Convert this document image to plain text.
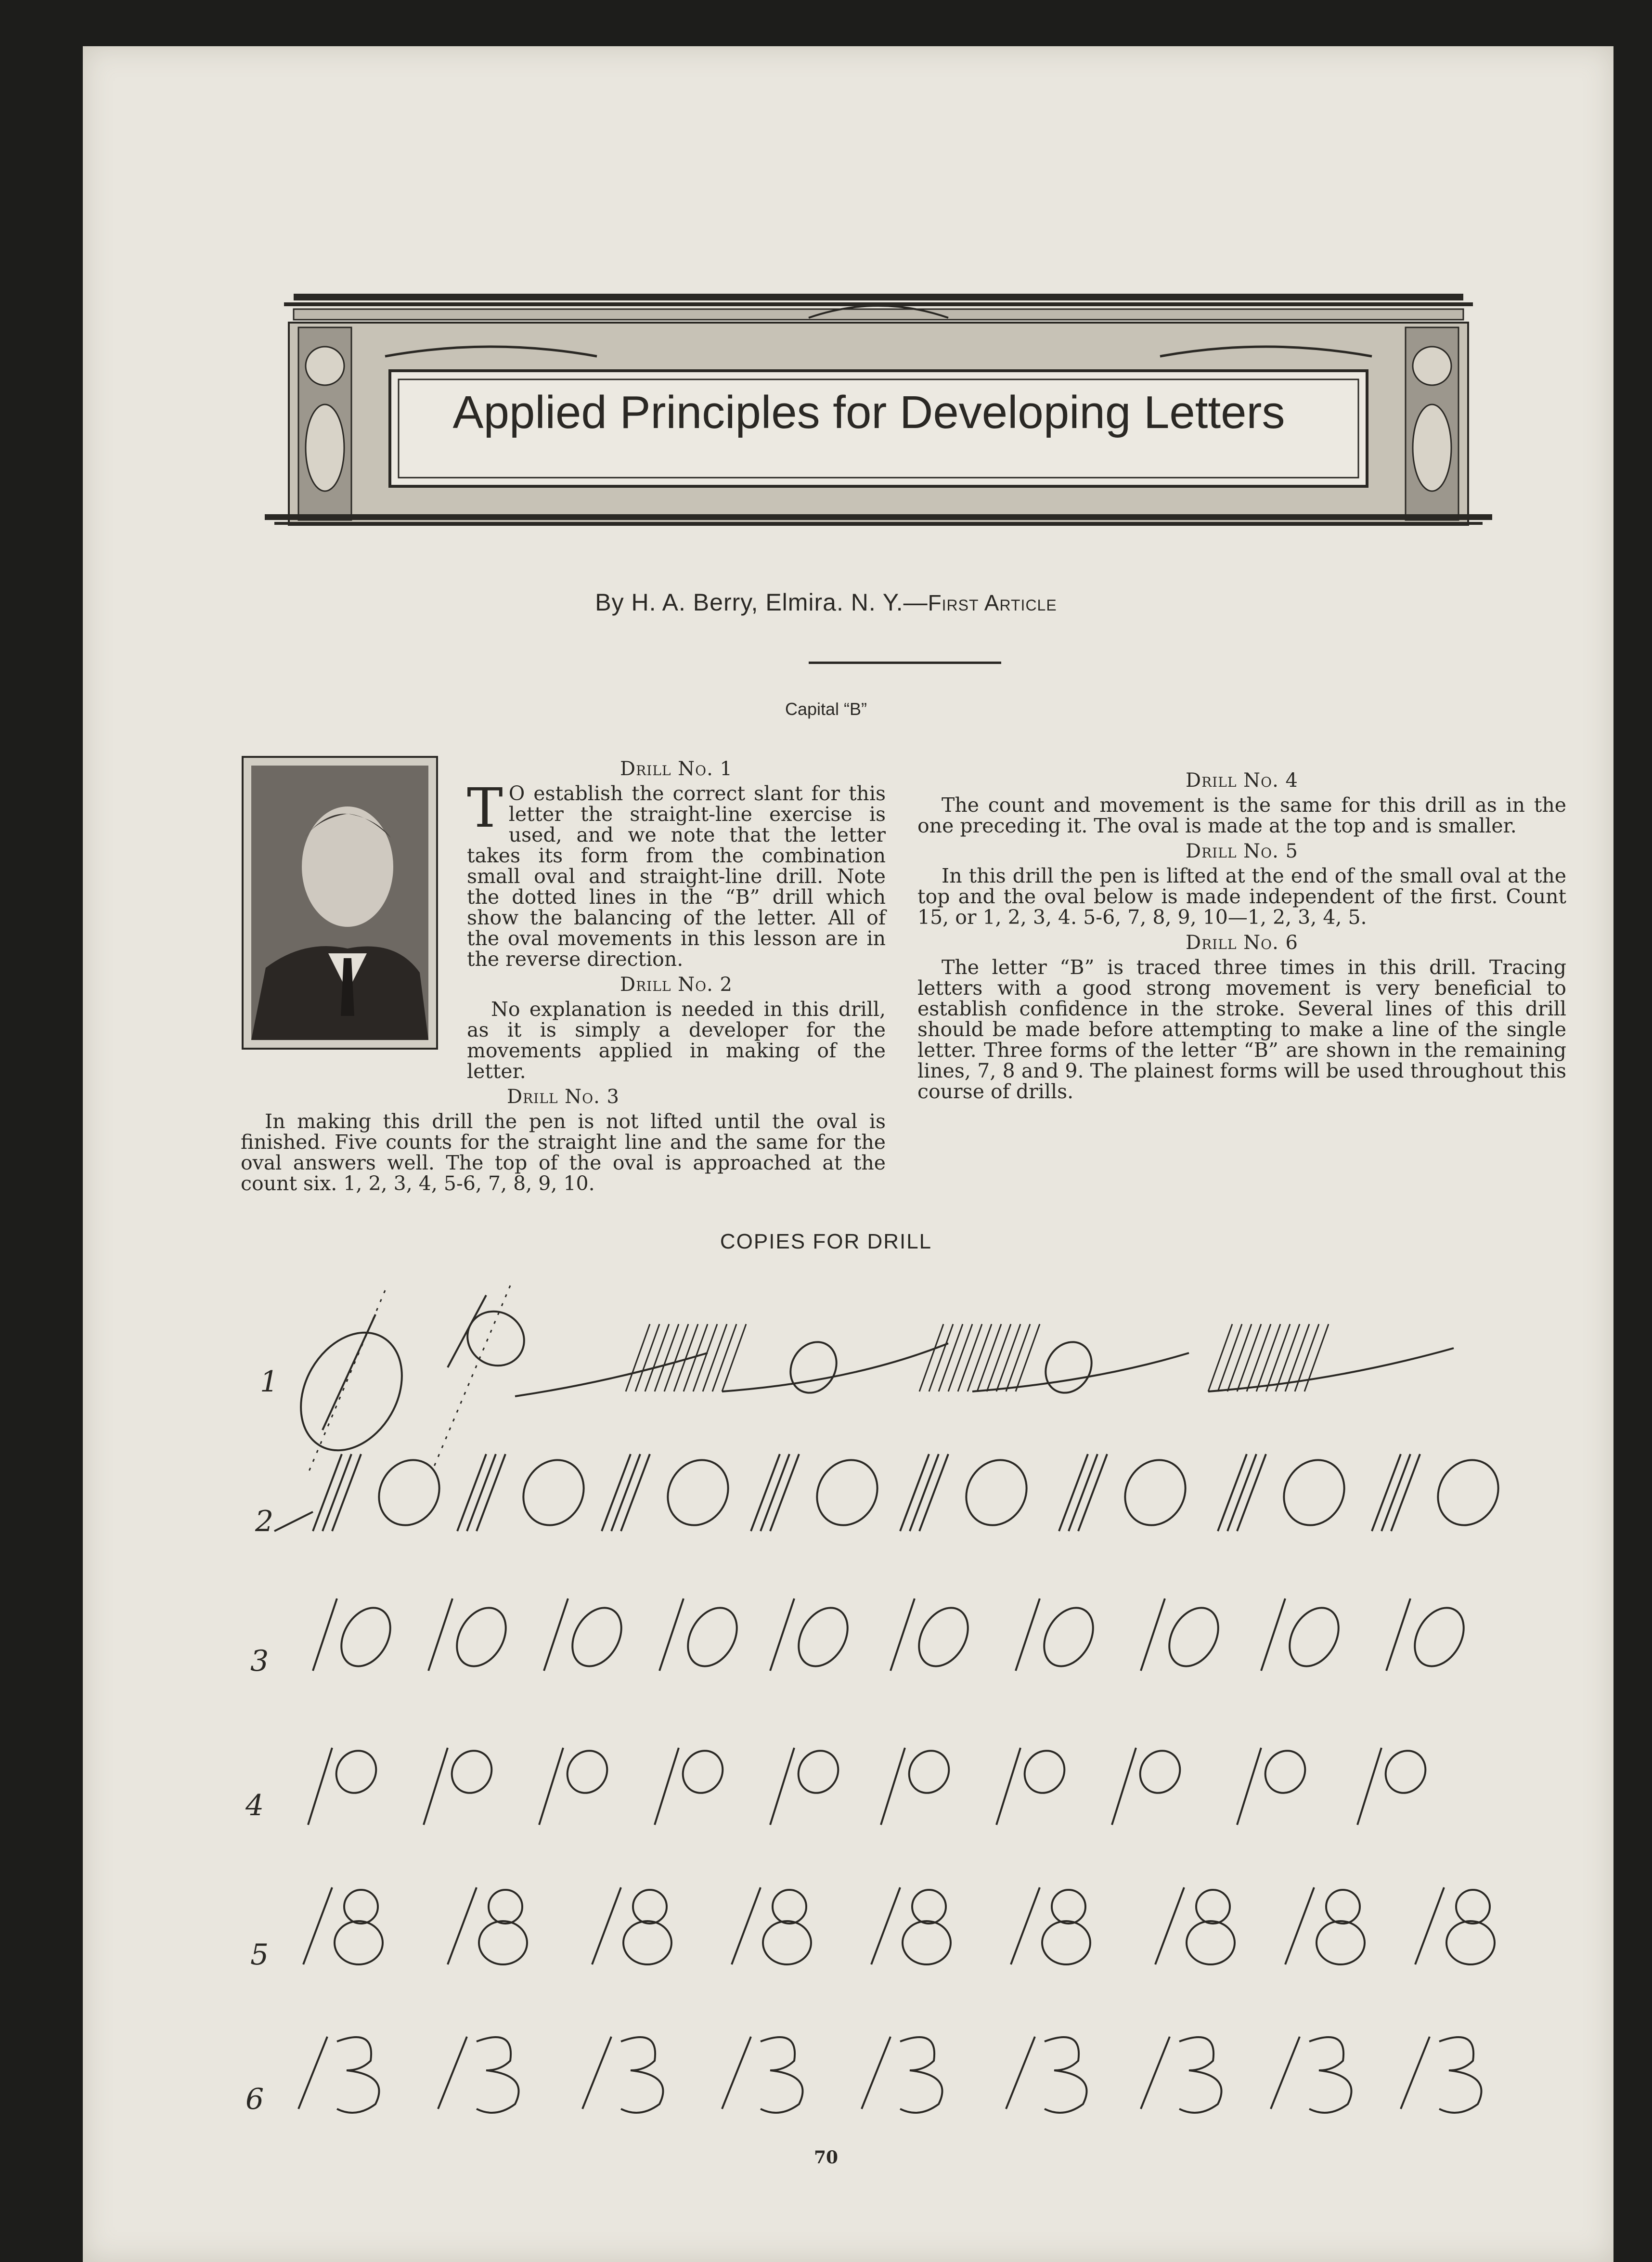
Applied Principles for Developing Letters
By H. A. Berry, Elmira. N. Y.—First Article
Capital “B”
Drill No. 1

T O establish the correct slant for this letter the straight-line exercise is used, and we note that the letter takes its form from the combination small oval and straight-line drill. Note the dotted lines in the “B” drill which show the balancing of the letter. All of the oval movements in this lesson are in the reverse direction.

Drill No. 2

No explanation is needed in this drill, as it is simply a developer for the movements applied in making of the letter.

Drill No. 3

In making this drill the pen is not lifted until the oval is finished. Five counts for the straight line and the same for the oval answers well. The top of the oval is approached at the count six. 1, 2, 3, 4, 5-6, 7, 8, 9, 10.

Drill No. 4

The count and movement is the same for this drill as in the one preceding it. The oval is made at the top and is smaller.

Drill No. 5

In this drill the pen is lifted at the end of the small oval at the top and the oval below is made independent of the first. Count 15, or 1, 2, 3, 4. 5-6, 7, 8, 9, 10—1, 2, 3, 4, 5.

Drill No. 6

The letter “B” is traced three times in this drill. Tracing letters with a good strong movement is very beneficial to establish confidence in the stroke. Several lines of this drill should be made before attempting to make a line of the single letter. Three forms of the letter “B” are shown in the remaining lines, 7, 8 and 9. The plainest forms will be used throughout this course of drills.

COPIES FOR DRILL
1
2
3
4
5
6
70
